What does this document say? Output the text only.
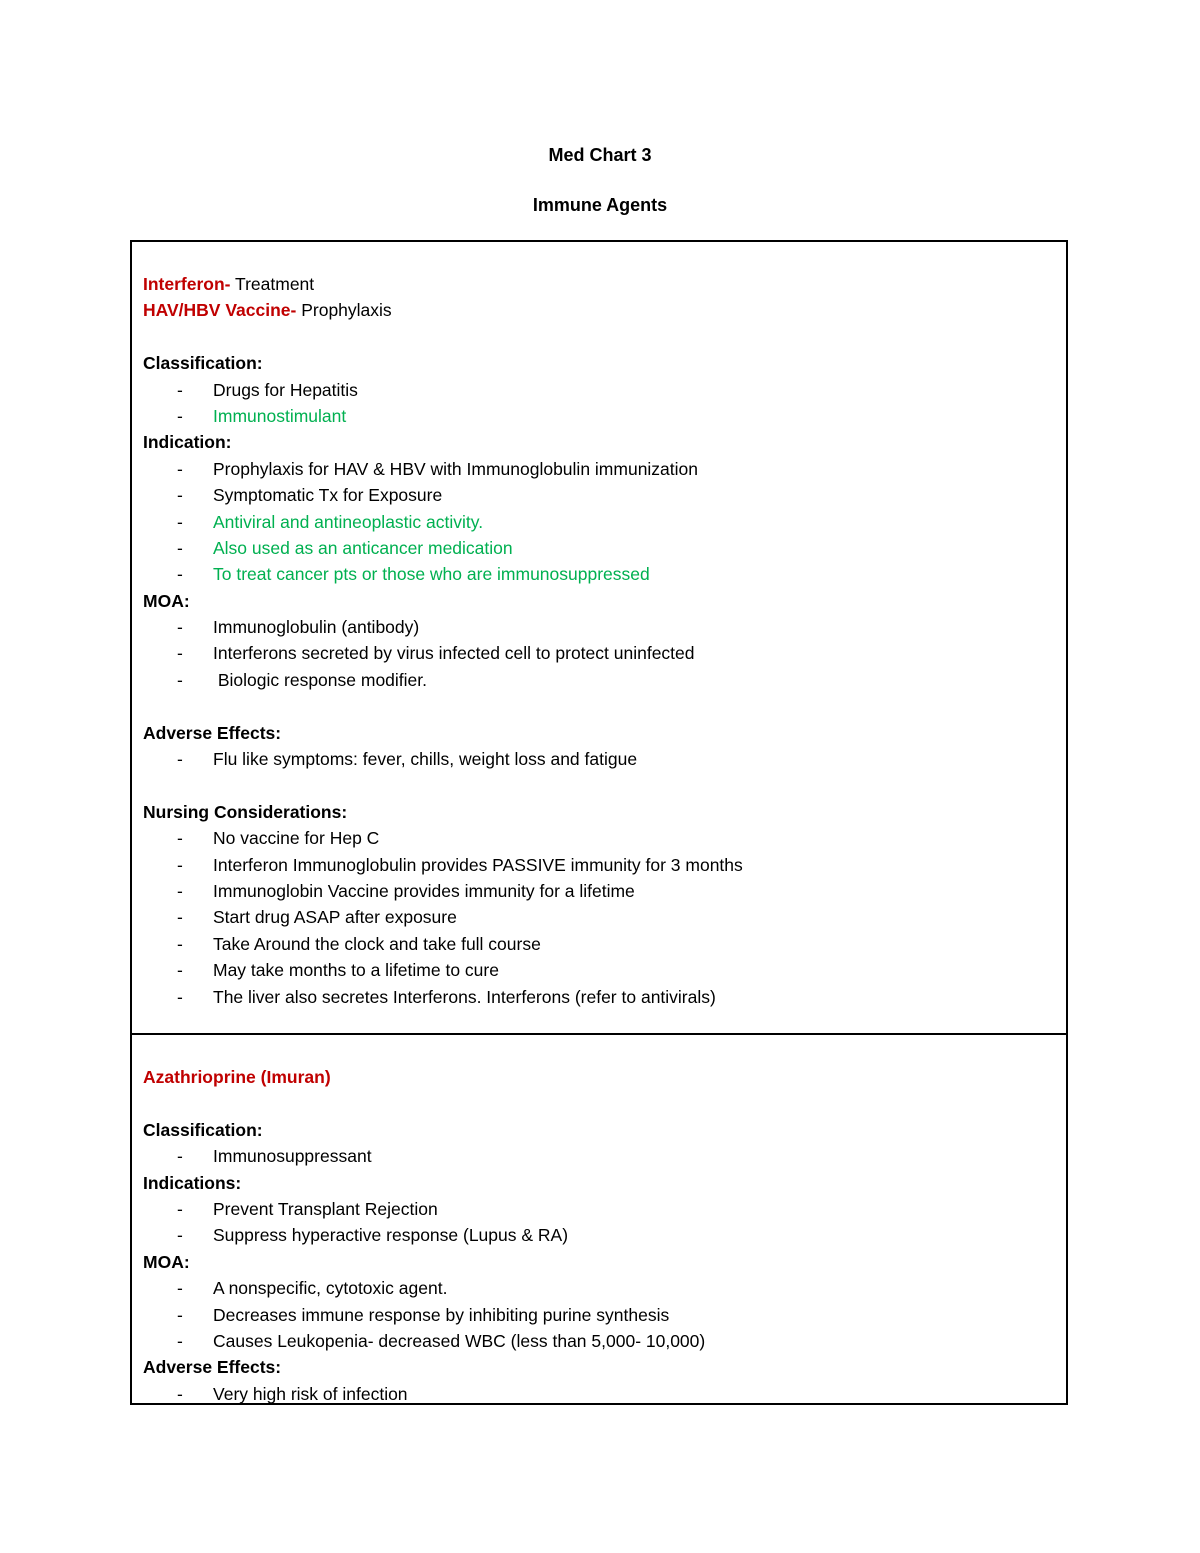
Med Chart 3
Immune Agents
Interferon- Treatment
HAV/HBV Vaccine- Prophylaxis
Classification:
-	Drugs for Hepatitis
-	Immunostimulant
Indication:
-	Prophylaxis for HAV & HBV with Immunoglobulin immunization
-	Symptomatic Tx for Exposure
-	Antiviral and antineoplastic activity.
-	Also used as an anticancer medication
-	To treat cancer pts or those who are immunosuppressed
MOA:
-	Immunoglobulin (antibody)
-	Interferons secreted by virus infected cell to protect uninfected
-	Biologic response modifier.
Adverse Effects:
-	Flu like symptoms: fever, chills, weight loss and fatigue
Nursing Considerations:
-	No vaccine for Hep C
-	Interferon Immunoglobulin provides PASSIVE immunity for 3 months
-	Immunoglobin Vaccine provides immunity for a lifetime
-	Start drug ASAP after exposure
-	Take Around the clock and take full course
-	May take months to a lifetime to cure
-	The liver also secretes Interferons. Interferons (refer to antivirals)
Azathrioprine (Imuran)
Classification:
-	Immunosuppressant
Indications:
-	Prevent Transplant Rejection
-	Suppress hyperactive response (Lupus & RA)
MOA:
-	A nonspecific, cytotoxic agent.
-	Decreases immune response by inhibiting purine synthesis
-	Causes Leukopenia- decreased WBC (less than 5,000- 10,000)
Adverse Effects:
-	Very high risk of infection
